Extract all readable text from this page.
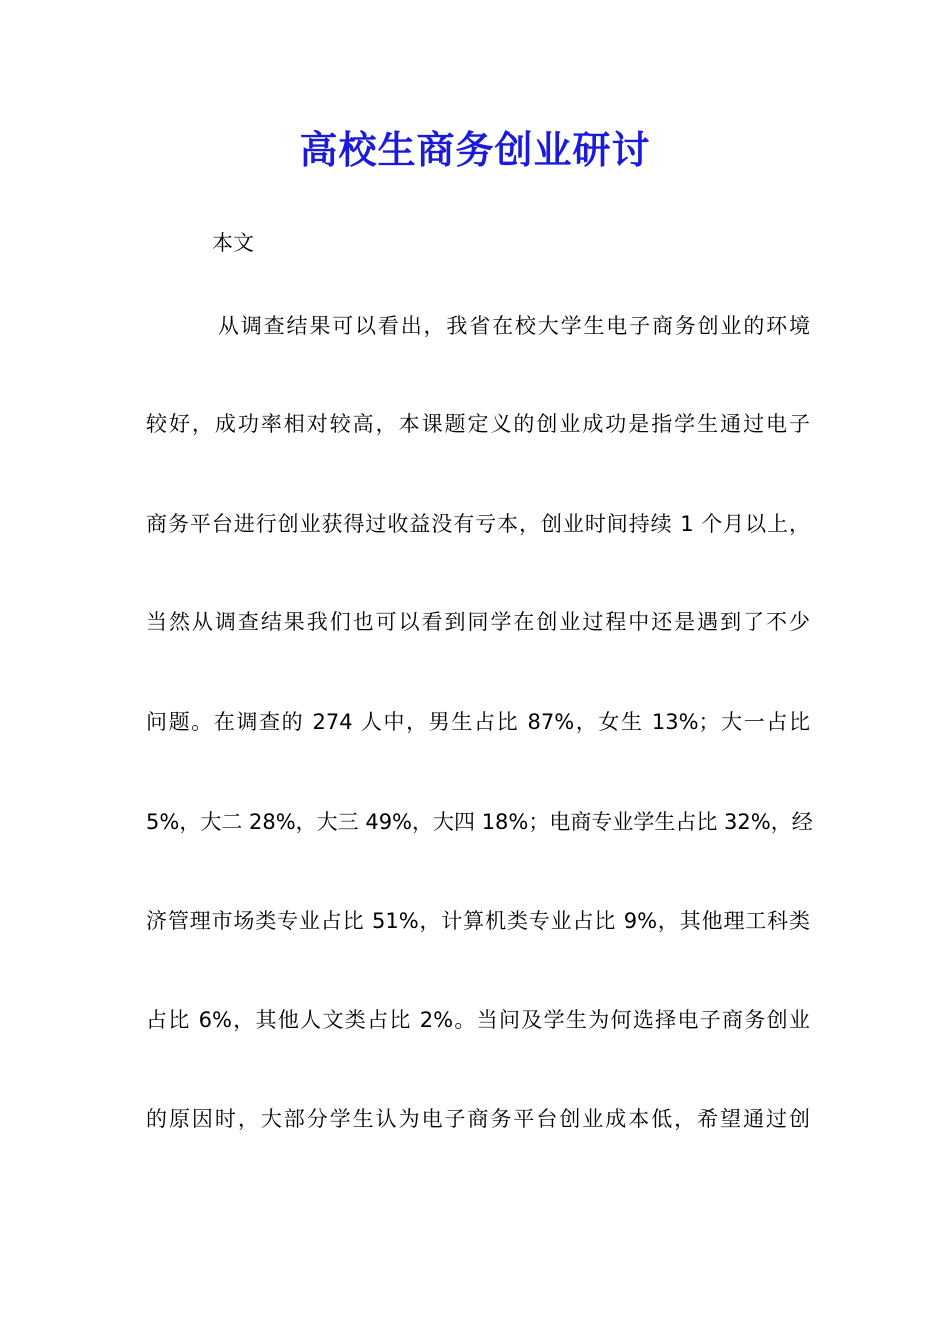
高校生商务创业研讨

本文

从调查结果可以看出，我省在校大学生电子商务创业的环境

较好，成功率相对较高，本课题定义的创业成功是指学生通过电子

商务平台进行创业获得过收益没有亏本，创业时间持续 1 个月以上，

当然从调查结果我们也可以看到同学在创业过程中还是遇到了不少

问题。在调查的 274 人中，男生占比 87%，女生 13%；大一占比

5%，大二 28%，大三 49%，大四 18%；电商专业学生占比 32%，经

济管理市场类专业占比 51%，计算机类专业占比 9%，其他理工科类

占比 6%，其他人文类占比 2%。当问及学生为何选择电子商务创业

的原因时，大部分学生认为电子商务平台创业成本低，希望通过创
